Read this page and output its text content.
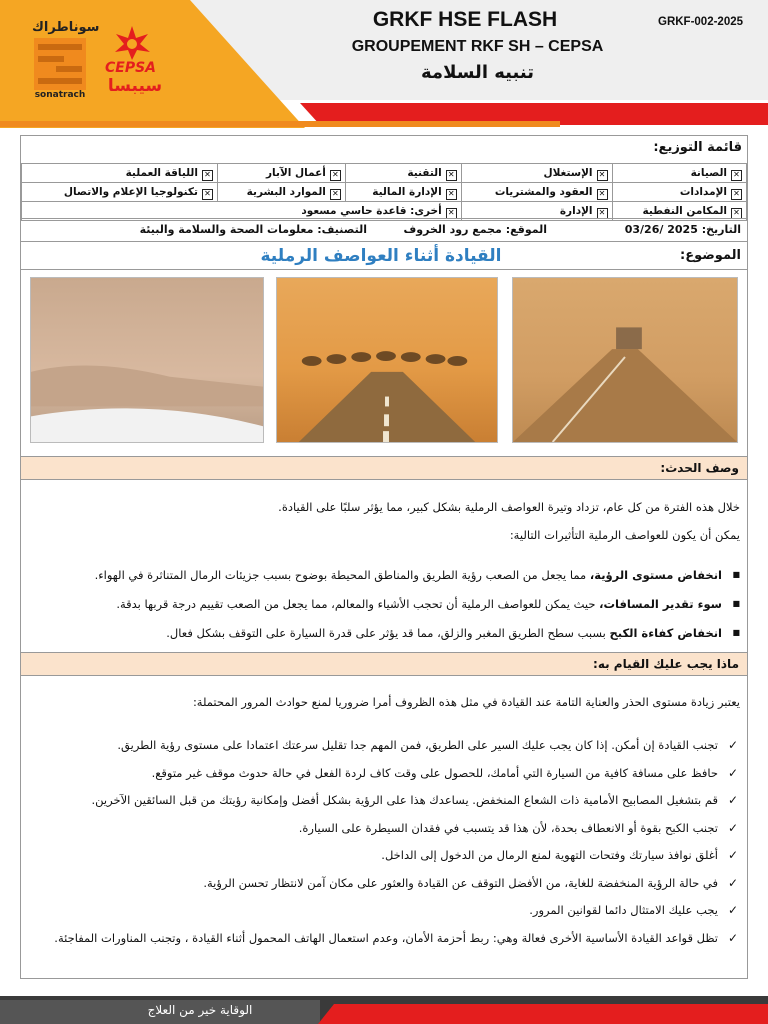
سوناطراك
sonatrach
CEPSA
سيبسا
GRKF HSE FLASH
GROUPEMENT RKF SH – CEPSA
تنبيه السلامة
GRKF-002-2025
قائمة التوزيع:
✕الصيانة	✕الإستغلال	✕التقنية	✕أعمال الآبار	✕اللياقة العملية
✕الإمدادات	✕العقود والمشتريات	✕الإدارة المالية	✕الموارد البشرية	✕تكنولوجيا الإعلام والاتصال
✕المكامن النفطية	✕الإدارة	✕أخرى: قاعدة حاسي مسعود		
التاريخ: 2025 /03/26
الموقع: مجمع رود الخروف
التصنيف: معلومات الصحة والسلامة والبيئة
الموضوع:
القيادة أثناء العواصف الرملية
وصف الحدث:
خلال هذه الفترة من كل عام، تزداد وتيرة العواصف الرملية بشكل كبير، مما يؤثر سلبًا على القيادة.
يمكن أن يكون للعواصف الرملية التأثيرات التالية:
■ انخفاض مستوى الرؤية، مما يجعل من الصعب رؤية الطريق والمناطق المحيطة بوضوح بسبب جزيئات الرمال المتناثرة في الهواء.
■ سوء تقدير المسافات، حيث يمكن للعواصف الرملية أن تحجب الأشياء والمعالم، مما يجعل من الصعب تقييم درجة قربها بدقة.
■ انخفاض كفاءة الكبح بسبب سطح الطريق المغبر والزلق، مما قد يؤثر على قدرة السيارة على التوقف بشكل فعال.
ماذا يجب عليك القيام به:
يعتبر زيادة مستوى الحذر والعناية التامة عند القيادة في مثل هذه الظروف أمرا ضروريا لمنع حوادث المرور المحتملة:
✓ تجنب القيادة إن أمكن. إذا كان يجب عليك السير على الطريق، فمن المهم جدا تقليل سرعتك اعتمادا على مستوى رؤية الطريق.
✓ حافظ على مسافة كافية من السيارة التي أمامك، للحصول على وقت كاف لردة الفعل في حالة حدوث موقف غير متوقع.
✓ قم بتشغيل المصابيح الأمامية ذات الشعاع المنخفض. يساعدك هذا على الرؤية بشكل أفضل وإمكانية رؤيتك من قبل السائقين الآخرين.
✓ تجنب الكبح بقوة أو الانعطاف بحدة، لأن هذا قد يتسبب في فقدان السيطرة على السيارة.
✓ أغلق نوافذ سيارتك وفتحات التهوية لمنع الرمال من الدخول إلى الداخل.
✓ في حالة الرؤية المنخفضة للغاية، من الأفضل التوقف عن القيادة والعثور على مكان آمن لانتظار تحسن الرؤية.
✓ يجب عليك الامتثال دائما لقوانين المرور.
✓ تظل قواعد القيادة الأساسية الأخرى فعالة وهي: ربط أحزمة الأمان، وعدم استعمال الهاتف المحمول أثناء القيادة ، وتجنب المناورات المفاجئة.
الوقاية خير من العلاج
